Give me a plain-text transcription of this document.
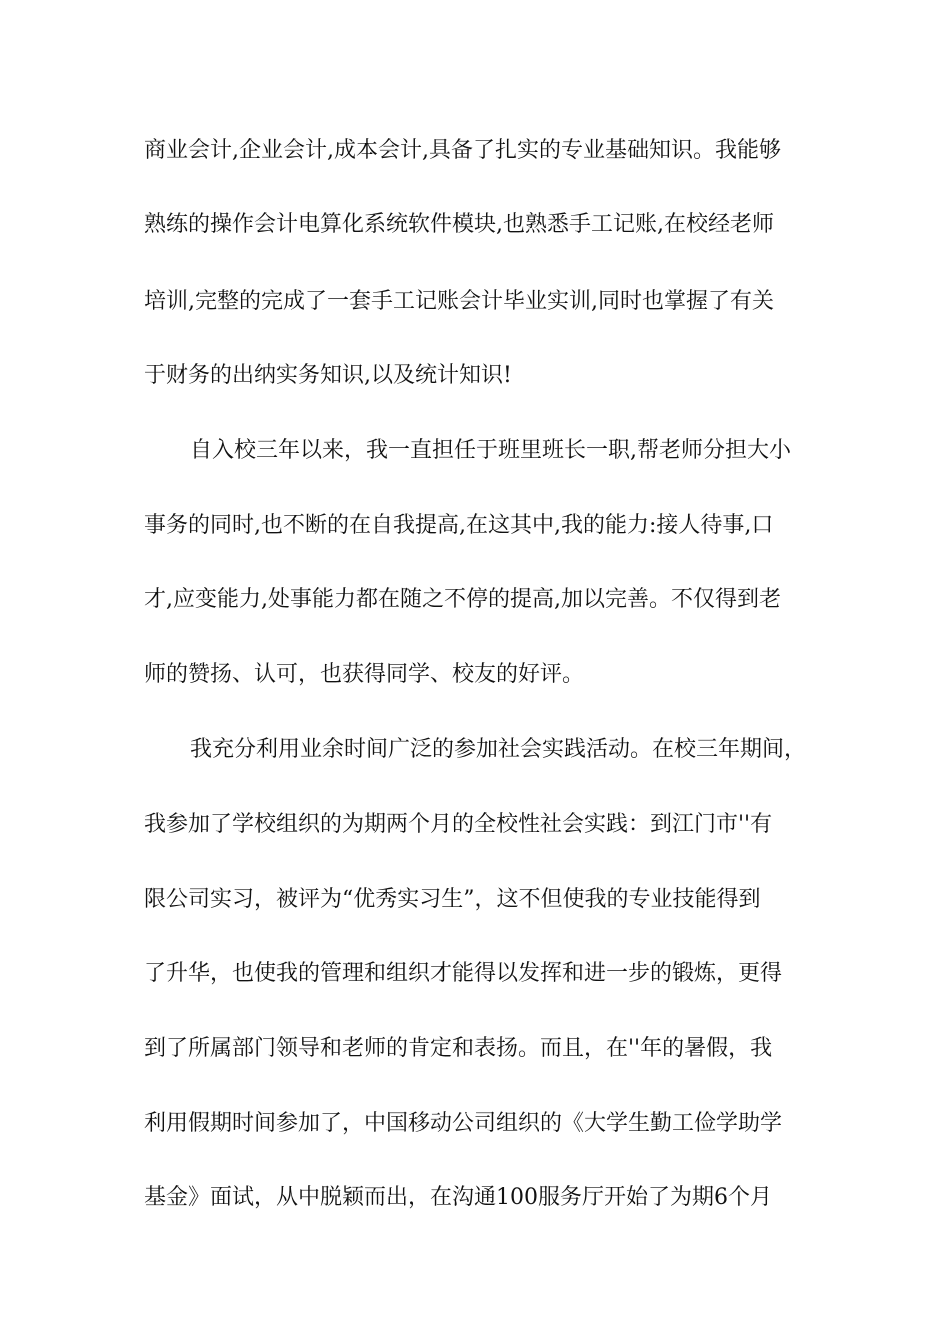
商业会计,企业会计,成本会计,具备了扎实的专业基础知识。我能够
熟练的操作会计电算化系统软件模块,也熟悉手工记账,在校经老师
培训,完整的完成了一套手工记账会计毕业实训,同时也掌握了有关
于财务的出纳实务知识,以及统计知识!
自入校三年以来，我一直担任于班里班长一职,帮老师分担大小
事务的同时,也不断的在自我提高,在这其中,我的能力:接人待事,口
才,应变能力,处事能力都在随之不停的提高,加以完善。不仅得到老
师的赞扬、认可，也获得同学、校友的好评。
我充分利用业余时间广泛的参加社会实践活动。在校三年期间，
我参加了学校组织的为期两个月的全校性社会实践：到江门市''有
限公司实习，被评为“优秀实习生”，这不但使我的专业技能得到
了升华，也使我的管理和组织才能得以发挥和进一步的锻炼，更得
到了所属部门领导和老师的肯定和表扬。而且，在''年的暑假，我
利用假期时间参加了，中国移动公司组织的《大学生勤工俭学助学
基金》面试，从中脱颖而出，在沟通100服务厅开始了为期6个月
